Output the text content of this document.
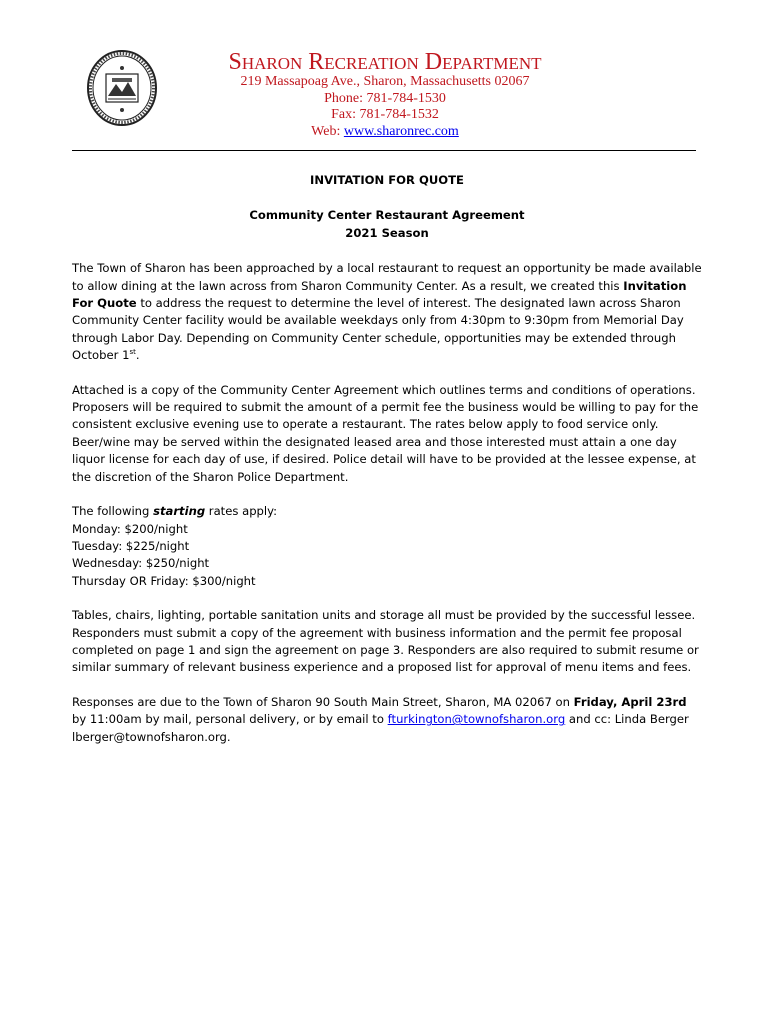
Sharon Recreation Department
219 Massapoag Ave., Sharon, Massachusetts 02067
Phone: 781-784-1530
Fax: 781-784-1532
Web: www.sharonrec.com

INVITATION FOR QUOTE

Community Center Restaurant Agreement

2021 Season

The Town of Sharon has been approached by a local restaurant to request an opportunity be made available to allow dining at the lawn across from Sharon Community Center. As a result, we created this Invitation For Quote to address the request to determine the level of interest. The designated lawn across Sharon Community Center facility would be available weekdays only from 4:30pm to 9:30pm from Memorial Day through Labor Day. Depending on Community Center schedule, opportunities may be extended through October 1st.

Attached is a copy of the Community Center Agreement which outlines terms and conditions of operations. Proposers will be required to submit the amount of a permit fee the business would be willing to pay for the consistent exclusive evening use to operate a restaurant. The rates below apply to food service only. Beer/wine may be served within the designated leased area and those interested must attain a one day liquor license for each day of use, if desired. Police detail will have to be provided at the lessee expense, at the discretion of the Sharon Police Department.

The following starting rates apply:

Monday: $200/night

Tuesday: $225/night

Wednesday: $250/night

Thursday OR Friday: $300/night

Tables, chairs, lighting, portable sanitation units and storage all must be provided by the successful lessee. Responders must submit a copy of the agreement with business information and the permit fee proposal completed on page 1 and sign the agreement on page 3. Responders are also required to submit resume or similar summary of relevant business experience and a proposed list for approval of menu items and fees.

Responses are due to the Town of Sharon 90 South Main Street, Sharon, MA 02067 on Friday, April 23rd by 11:00am by mail, personal delivery, or by email to fturkington@townofsharon.org and cc: Linda Berger lberger@townofsharon.org.
